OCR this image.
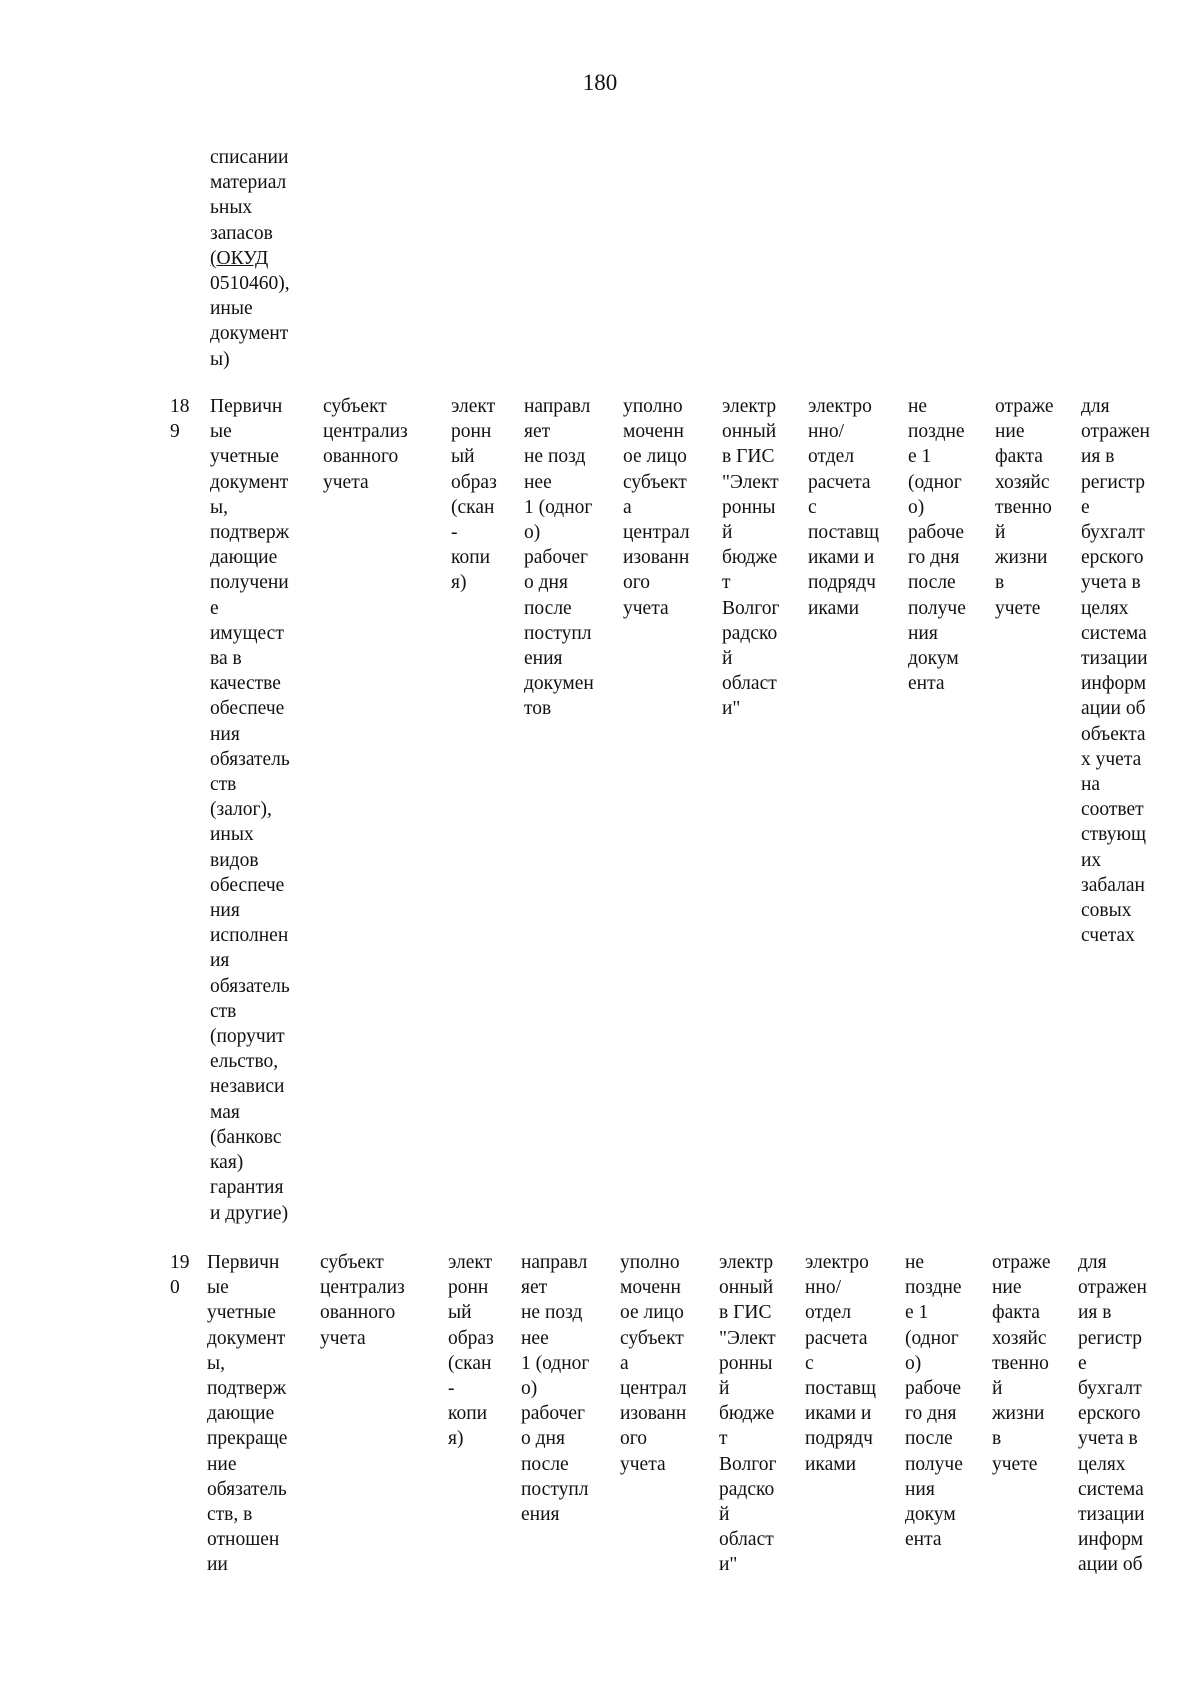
180
списании
материал
ьных
запасов
(ОКУД
0510460),
иные
документ
ы)
18
9
Первичн
ые
учетные
документ
ы,
подтверж
дающие
получени
е
имущест
ва в
качестве
обеспече
ния
обязатель
ств
(залог),
иных
видов
обеспече
ния
исполнен
ия
обязатель
ств
(поручит
ельство,
независи
мая
(банковс
кая)
гарантия
и другие)
субъект
централиз
ованного
учета
элект
ронн
ый
образ
(скан
-
копи
я)
направл
яет
не позд
нее
1 (одног
о)
рабочег
о дня
после
поступл
ения
докумен
тов
уполно
моченн
ое лицо
субъект
а
централ
изованн
ого
учета
электр
онный
в ГИС
"Элект
ронны
й
бюдже
т
Волгог
радско
й
област
и"
электро
нно/
отдел
расчета
с
поставщ
иками и
подрядч
иками
не
поздне
е 1
(одног
о)
рабоче
го дня
после
получе
ния
докум
ента
отраже
ние
факта
хозяйс
твенно
й
жизни
в
учете
для
отражен
ия в
регистр
е
бухгалт
ерского
учета в
целях
система
тизации
информ
ации об
объекта
х учета
на
соответ
ствующ
их
забалан
совых
счетах
19
0
Первичн
ые
учетные
документ
ы,
подтверж
дающие
прекраще
ние
обязатель
ств, в
отношен
ии
субъект
централиз
ованного
учета
элект
ронн
ый
образ
(скан
-
копи
я)
направл
яет
не позд
нее
1 (одног
о)
рабочег
о дня
после
поступл
ения
уполно
моченн
ое лицо
субъект
а
централ
изованн
ого
учета
электр
онный
в ГИС
"Элект
ронны
й
бюдже
т
Волгог
радско
й
област
и"
электро
нно/
отдел
расчета
с
поставщ
иками и
подрядч
иками
не
поздне
е 1
(одног
о)
рабоче
го дня
после
получе
ния
докум
ента
отраже
ние
факта
хозяйс
твенно
й
жизни
в
учете
для
отражен
ия в
регистр
е
бухгалт
ерского
учета в
целях
система
тизации
информ
ации об
